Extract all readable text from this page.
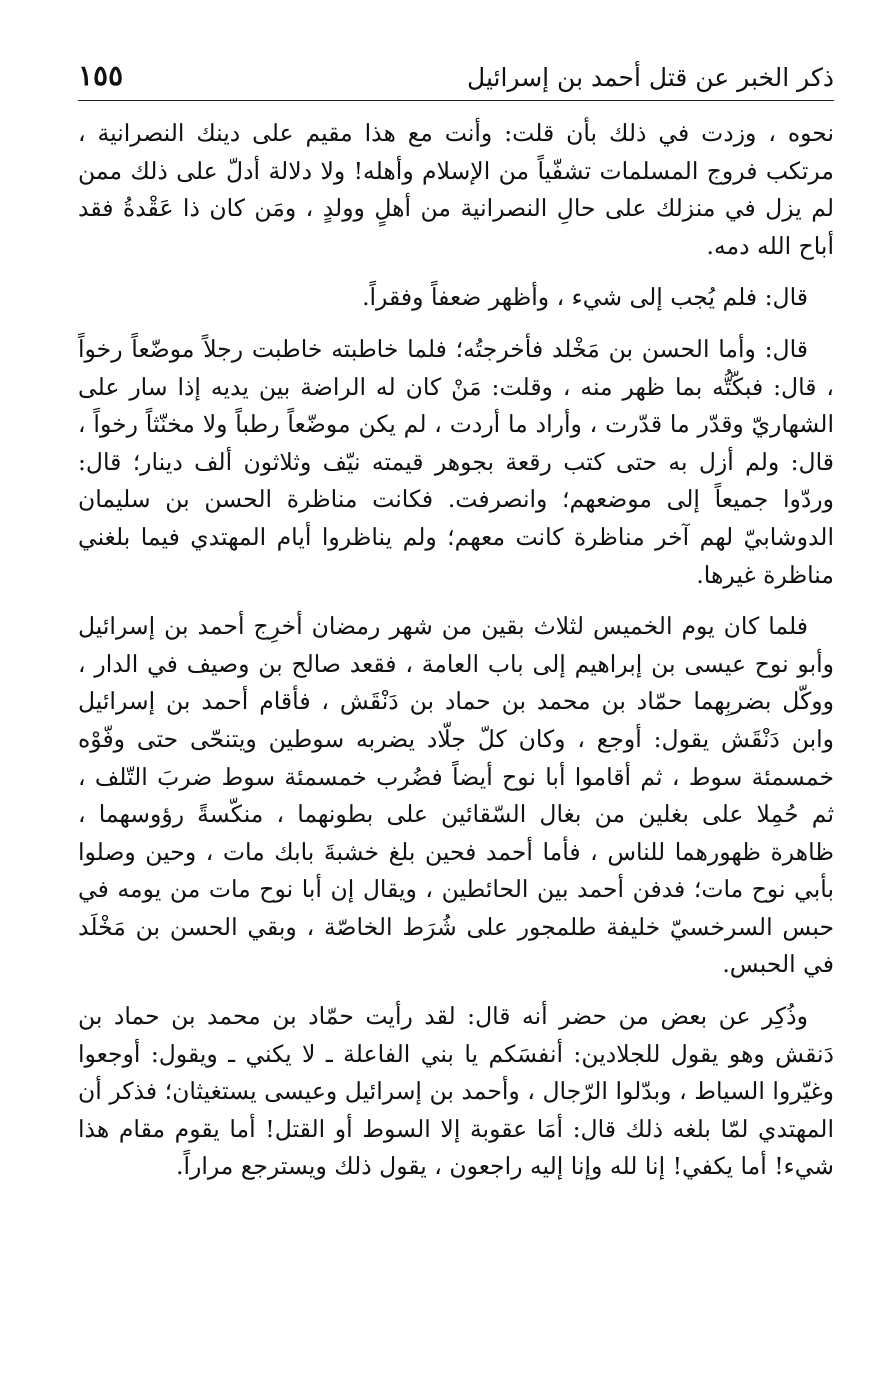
ذكر الخبر عن قتل أحمد بن إسرائيل
١٥٥

نحوه ، وزدت في ذلك بأن قلت: وأنت مع هذا مقيم على دينك النصرانية ، مرتكب فروج المسلمات تشفّياً من الإسلام وأهله! ولا دلالة أدلّ على ذلك ممن لم يزل في منزلك على حالِ النصرانية من أهلٍ وولدٍ ، ومَن كان ذا عَقْدةُ فقد أباح الله دمه.

قال: فلم يُجب إلى شيء ، وأظهر ضعفاً وفقراً.

قال: وأما الحسن بن مَخْلد فأخرجتُه؛ فلما خاطبته خاطبت رجلاً موضّعاً رخواً ، قال: فبكّتُّه بما ظهر منه ، وقلت: مَنْ كان له الراضة بين يديه إذا سار على الشهاريّ وقدّر ما قدّرت ، وأراد ما أردت ، لم يكن موضّعاً رطباً ولا مخنّثاً رخواً ، قال: ولم أزل به حتى كتب رقعة بجوهر قيمته نيّف وثلاثون ألف دينار؛ قال: وردّوا جميعاً إلى موضعهم؛ وانصرفت. فكانت مناظرة الحسن بن سليمان الدوشابيّ لهم آخر مناظرة كانت معهم؛ ولم يناظروا أيام المهتدي فيما بلغني مناظرة غيرها.

فلما كان يوم الخميس لثلاث بقين من شهر رمضان أخرِج أحمد بن إسرائيل وأبو نوح عيسى بن إبراهيم إلى باب العامة ، فقعد صالح بن وصيف في الدار ، ووكّل بضربِهما حمّاد بن محمد بن حماد بن دَنْقَش ، فأقام أحمد بن إسرائيل وابن دَنْقَش يقول: أوجع ، وكان كلّ جلّاد يضربه سوطين ويتنحّى حتى وفّوْه خمسمئة سوط ، ثم أقاموا أبا نوح أيضاً فضُرب خمسمئة سوط ضربَ التّلف ، ثم حُمِلا على بغلين من بغال السّقائين على بطونهما ، منكّسةً رؤوسهما ، ظاهرة ظهورهما للناس ، فأما أحمد فحين بلغ خشبةَ بابك مات ، وحين وصلوا بأبي نوح مات؛ فدفن أحمد بين الحائطين ، ويقال إن أبا نوح مات من يومه في حبس السرخسيّ خليفة طلمجور على شُرَط الخاصّة ، وبقي الحسن بن مَخْلَد في الحبس.

وذُكِر عن بعض من حضر أنه قال: لقد رأيت حمّاد بن محمد بن حماد بن دَنقش وهو يقول للجلادين: أنفسَكم يا بني الفاعلة ـ لا يكني ـ ويقول: أوجعوا وغيّروا السياط ، وبدّلوا الرّجال ، وأحمد بن إسرائيل وعيسى يستغيثان؛ فذكر أن المهتدي لمّا بلغه ذلك قال: أمَا عقوبة إلا السوط أو القتل! أما يقوم مقام هذا شيء! أما يكفي! إنا لله وإنا إليه راجعون ، يقول ذلك ويسترجع مراراً.
